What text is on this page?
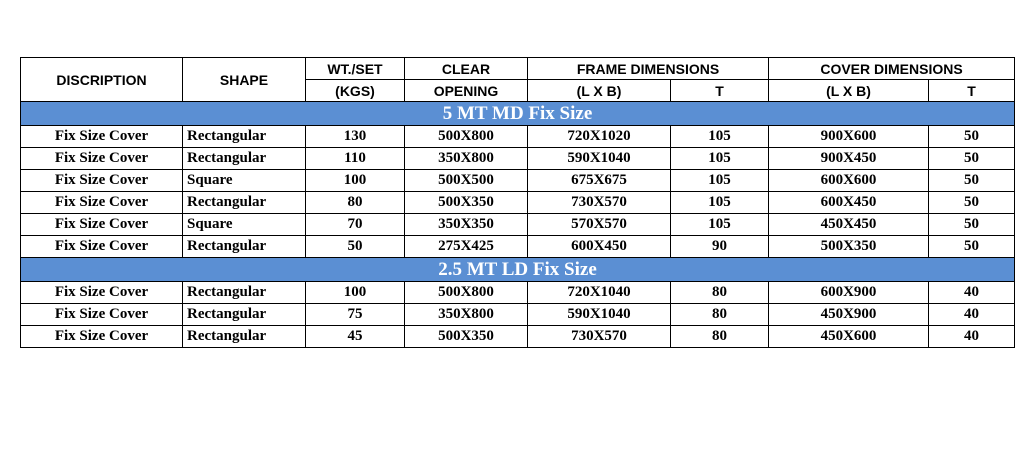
DISCRIPTION	SHAPE	WT./SET	CLEAR	FRAME DIMENSIONS		COVER DIMENSIONS	
		(KGS)	OPENING	(L X B)	T	(L X B)	T
5 MT MD Fix Size							
Fix Size Cover	Rectangular	130	500X800	720X1020	105	900X600	50
Fix Size Cover	Rectangular	110	350X800	590X1040	105	900X450	50
Fix Size Cover	Square	100	500X500	675X675	105	600X600	50
Fix Size Cover	Rectangular	80	500X350	730X570	105	600X450	50
Fix Size Cover	Square	70	350X350	570X570	105	450X450	50
Fix Size Cover	Rectangular	50	275X425	600X450	90	500X350	50
2.5 MT LD Fix Size							
Fix Size Cover	Rectangular	100	500X800	720X1040	80	600X900	40
Fix Size Cover	Rectangular	75	350X800	590X1040	80	450X900	40
Fix Size Cover	Rectangular	45	500X350	730X570	80	450X600	40
